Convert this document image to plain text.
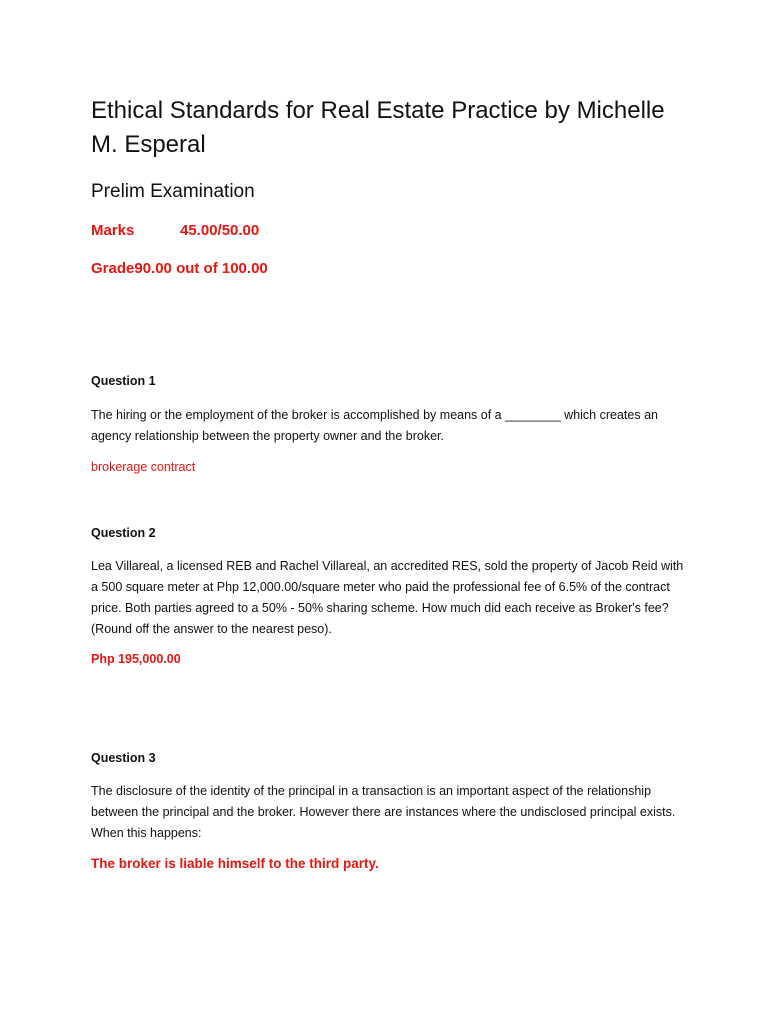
Ethical Standards for Real Estate Practice by Michelle M. Esperal
Prelim Examination
Marks	45.00/50.00
Grade90.00 out of 100.00
Question 1
The hiring or the employment of the broker is accomplished by means of a ________ which creates an agency relationship between the property owner and the broker.
brokerage contract
Question 2
Lea Villareal, a licensed REB and Rachel Villareal, an accredited RES, sold the property of Jacob Reid with a 500 square meter at Php 12,000.00/square meter who paid the professional fee of 6.5% of the contract price. Both parties agreed to a 50% - 50% sharing scheme. How much did each receive as Broker's fee? (Round off the answer to the nearest peso).
Php 195,000.00
Question 3
The disclosure of the identity of the principal in a transaction is an important aspect of the relationship between the principal and the broker. However there are instances where the undisclosed principal exists. When this happens:
The broker is liable himself to the third party.
